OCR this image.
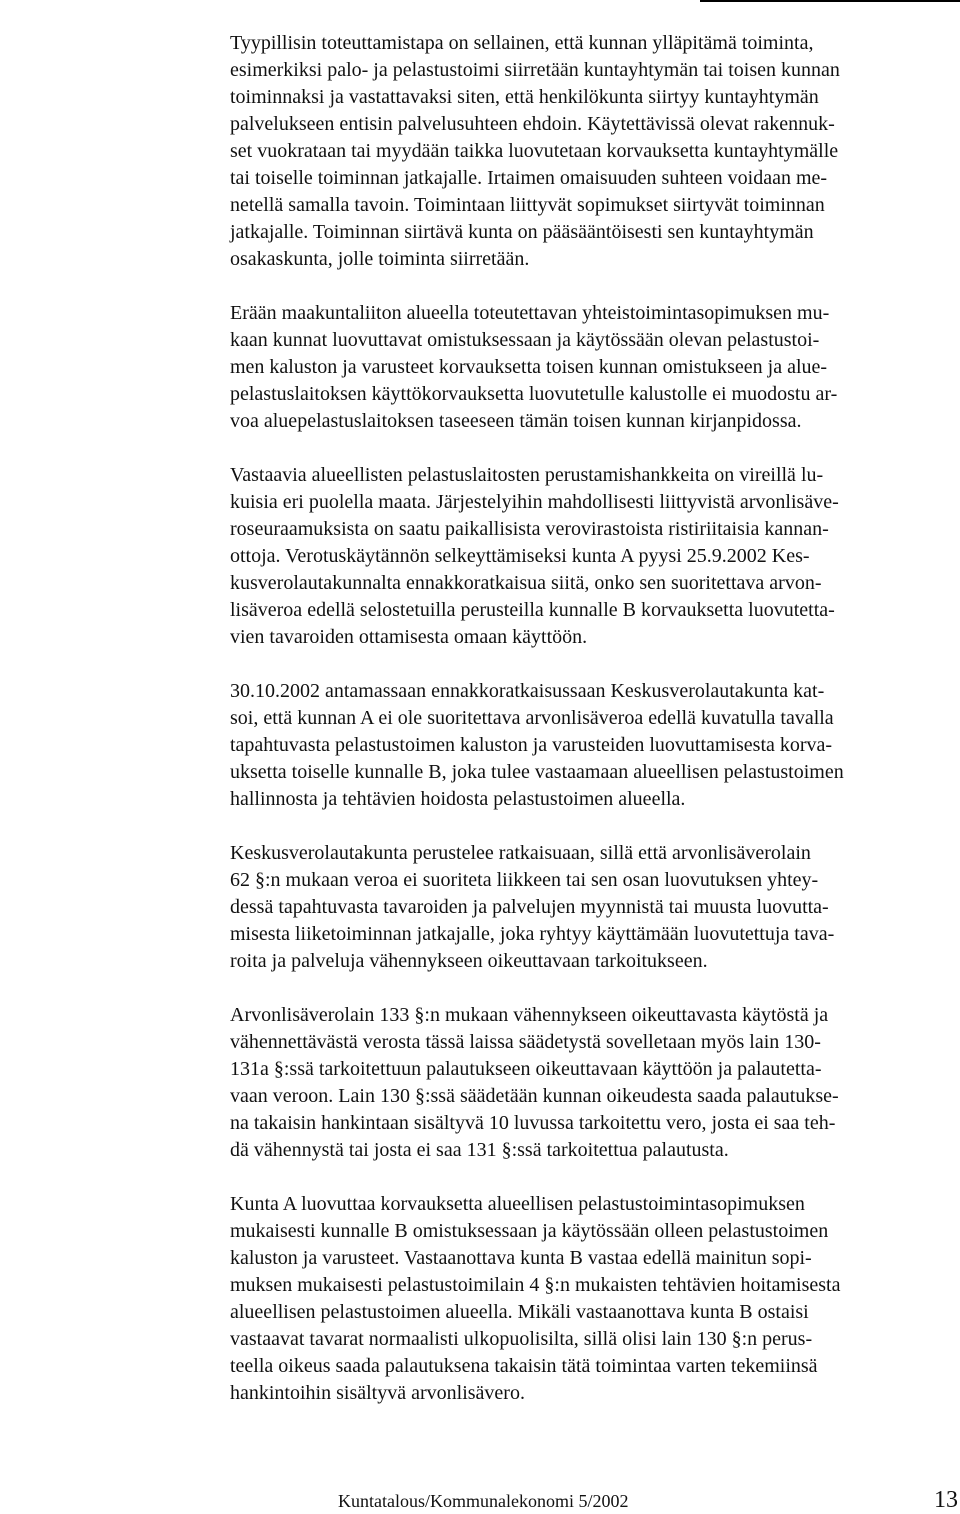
Tyypillisin toteuttamistapa on sellainen, että kunnan ylläpitämä toiminta,
esimerkiksi palo- ja pelastustoimi siirretään kuntayhtymän tai toisen kunnan
toiminnaksi ja vastattavaksi siten, että henkilökunta siirtyy kuntayhtymän
palvelukseen entisin palvelusuhteen ehdoin. Käytettävissä olevat rakennuk-
set vuokrataan tai myydään taikka luovutetaan korvauksetta kuntayhtymälle
tai toiselle toiminnan jatkajalle. Irtaimen omaisuuden suhteen voidaan me-
netellä samalla tavoin. Toimintaan liittyvät sopimukset siirtyvät toiminnan
jatkajalle. Toiminnan siirtävä kunta on pääsääntöisesti sen kuntayhtymän
osakaskunta, jolle toiminta siirretään.

Erään maakuntaliiton alueella toteutettavan yhteistoimintasopimuksen mu-
kaan kunnat luovuttavat omistuksessaan ja käytössään olevan pelastustoi-
men kaluston ja varusteet korvauksetta toisen kunnan omistukseen ja alue-
pelastuslaitoksen käyttökorvauksetta luovutetulle kalustolle ei muodostu ar-
voa aluepelastuslaitoksen taseeseen tämän toisen kunnan kirjanpidossa.

Vastaavia alueellisten pelastuslaitosten perustamishankkeita on vireillä lu-
kuisia eri puolella maata. Järjestelyihin mahdollisesti liittyvistä arvonlisäve-
roseuraamuksista on saatu paikallisista verovirastoista ristiriitaisia kannan-
ottoja. Verotuskäytännön selkeyttämiseksi kunta A pyysi 25.9.2002 Kes-
kusverolautakunnalta ennakkoratkaisua siitä, onko sen suoritettava arvon-
lisäveroa edellä selostetuilla perusteilla kunnalle B korvauksetta luovutetta-
vien tavaroiden ottamisesta omaan käyttöön.

30.10.2002 antamassaan ennakkoratkaisussaan Keskusverolautakunta kat-
soi, että kunnan A ei ole suoritettava arvonlisäveroa edellä kuvatulla tavalla
tapahtuvasta pelastustoimen kaluston ja varusteiden luovuttamisesta korva-
uksetta toiselle kunnalle B, joka tulee vastaamaan alueellisen pelastustoimen
hallinnosta ja tehtävien hoidosta pelastustoimen alueella.

Keskusverolautakunta perustelee ratkaisuaan, sillä että arvonlisäverolain
62 §:n mukaan veroa ei suoriteta liikkeen tai sen osan luovutuksen yhtey-
dessä tapahtuvasta tavaroiden ja palvelujen myynnistä tai muusta luovutta-
misesta liiketoiminnan jatkajalle, joka ryhtyy käyttämään luovutettuja tava-
roita ja palveluja vähennykseen oikeuttavaan tarkoitukseen.

Arvonlisäverolain 133 §:n mukaan vähennykseen oikeuttavasta käytöstä ja
vähennettävästä verosta tässä laissa säädetystä sovelletaan myös lain 130-
131a §:ssä tarkoitettuun palautukseen oikeuttavaan käyttöön ja palautetta-
vaan veroon. Lain 130 §:ssä säädetään kunnan oikeudesta saada palautukse-
na takaisin hankintaan sisältyvä 10 luvussa tarkoitettu vero, josta ei saa teh-
dä vähennystä tai josta ei saa 131 §:ssä tarkoitettua palautusta.

Kunta A luovuttaa korvauksetta alueellisen pelastustoimintasopimuksen
mukaisesti kunnalle B omistuksessaan ja käytössään olleen pelastustoimen
kaluston ja varusteet. Vastaanottava kunta B vastaa edellä mainitun sopi-
muksen mukaisesti pelastustoimilain 4 §:n mukaisten tehtävien hoitamisesta
alueellisen pelastustoimen alueella. Mikäli vastaanottava kunta B ostaisi
vastaavat tavarat normaalisti ulkopuolisilta, sillä olisi lain 130 §:n perus-
teella oikeus saada palautuksena takaisin tätä toimintaa varten tekemiinsä
hankintoihin sisältyvä arvonlisävero.

Kuntatalous/Kommunalekonomi 5/2002	13
